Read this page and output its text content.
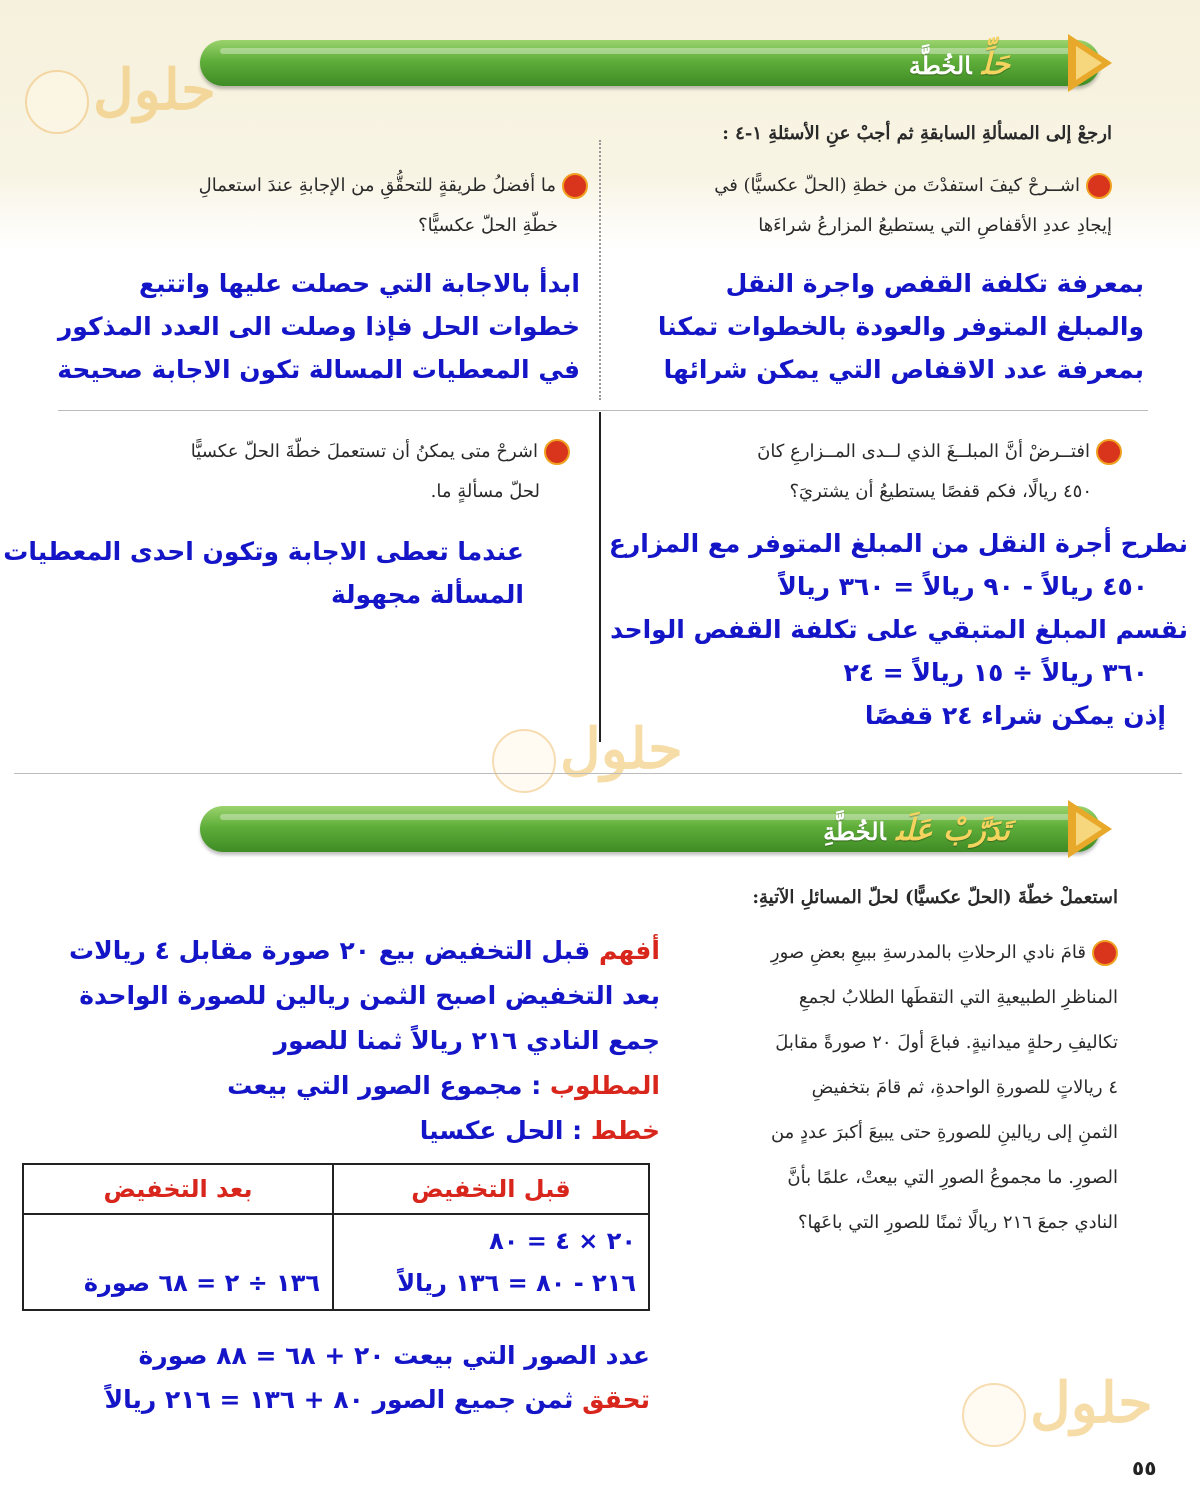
حَلِّالخُطَّة
حلول
حلول
حلول
ارجعْ إلى المسألةِ السابقةِ ثم أجبْ عنِ الأسئلةِ ١-٤ :
اشــرحْ كيفَ استفدْتَ من خطةِ (الحلّ عكسيًّا) في
إيجادِ عددِ الأقفاصِ التي يستطيعُ المزارعُ شراءَها
ما أفضلُ طريقةٍ للتحقُّقِ من الإجابةِ عندَ استعمالِ
خطّةِ الحلّ عكسيًّا؟
بمعرفة تكلفة القفص واجرة النقل
والمبلغ المتوفر والعودة بالخطوات تمكنا
بمعرفة عدد الاقفاص التي يمكن شرائها
ابدأ بالاجابة التي حصلت عليها واتتبع
خطوات الحل فإذا وصلت الى العدد المذكور
في المعطيات المسالة تكون الاجابة صحيحة
افتــرضْ أنَّ المبلــغَ الذي لــدى المــزارعِ كانَ
٤٥٠ ريالًا، فكم قفصًا يستطيعُ أن يشتريَ؟
اشرحْ متى يمكنُ أن تستعملَ خطّةَ الحلّ عكسيًّا
لحلّ مسألةٍ ما.
نطرح أجرة النقل من المبلغ المتوفر مع المزارع
٤٥٠ ريالاً - ٩٠ ريالاً = ٣٦٠ ريالاً
نقسم المبلغ المتبقي على تكلفة القفص الواحد
٣٦٠ ريالاً ÷ ١٥ ريالاً = ٢٤
إذن يمكن شراء ٢٤ قفصًا
عندما تعطى الاجابة وتكون احدى المعطيات
المسألة مجهولة
تَدَرَّبْ عَلَىالخُطَّةِ
استعملْ خطّةَ (الحلّ عكسيًّا) لحلّ المسائلِ الآتيةِ:
قامَ نادي الرحلاتِ بالمدرسةِ ببيعِ بعضِ صورِ
المناظرِ الطبيعيةِ التي التقطَها الطلابُ لجمعِ
تكاليفِ رحلةٍ ميدانيةٍ. فباعَ أولَ ٢٠ صورةً مقابلَ
٤ ريالاتٍ للصورةِ الواحدةِ، ثم قامَ بتخفيضِ
الثمنِ إلى ريالينِ للصورةِ حتى يبيعَ أكبرَ عددٍ من
الصورِ. ما مجموعُ الصورِ التي بيعتْ، علمًا بأنَّ
النادي جمعَ ٢١٦ ريالًا ثمنًا للصورِ التي باعَها؟
أفهم قبل التخفيض بيع ٢٠ صورة مقابل ٤ ريالات
بعد التخفيض اصبح الثمن ريالين للصورة الواحدة
جمع النادي ٢١٦ ريالاً ثمنا للصور
المطلوب : مجموع الصور التي بيعت
خطط : الحل عكسيا
قبل التخفيض	بعد التخفيض

٢٠ × ٤ = ٨٠
٢١٦ - ٨٠ = ١٣٦ ريالاً	١٣٦ ÷ ٢ = ٦٨ صورة
عدد الصور التي بيعت ٢٠ + ٦٨ = ٨٨ صورة
تحقق ثمن جميع الصور ٨٠ + ١٣٦ = ٢١٦ ريالاً
٥٥
